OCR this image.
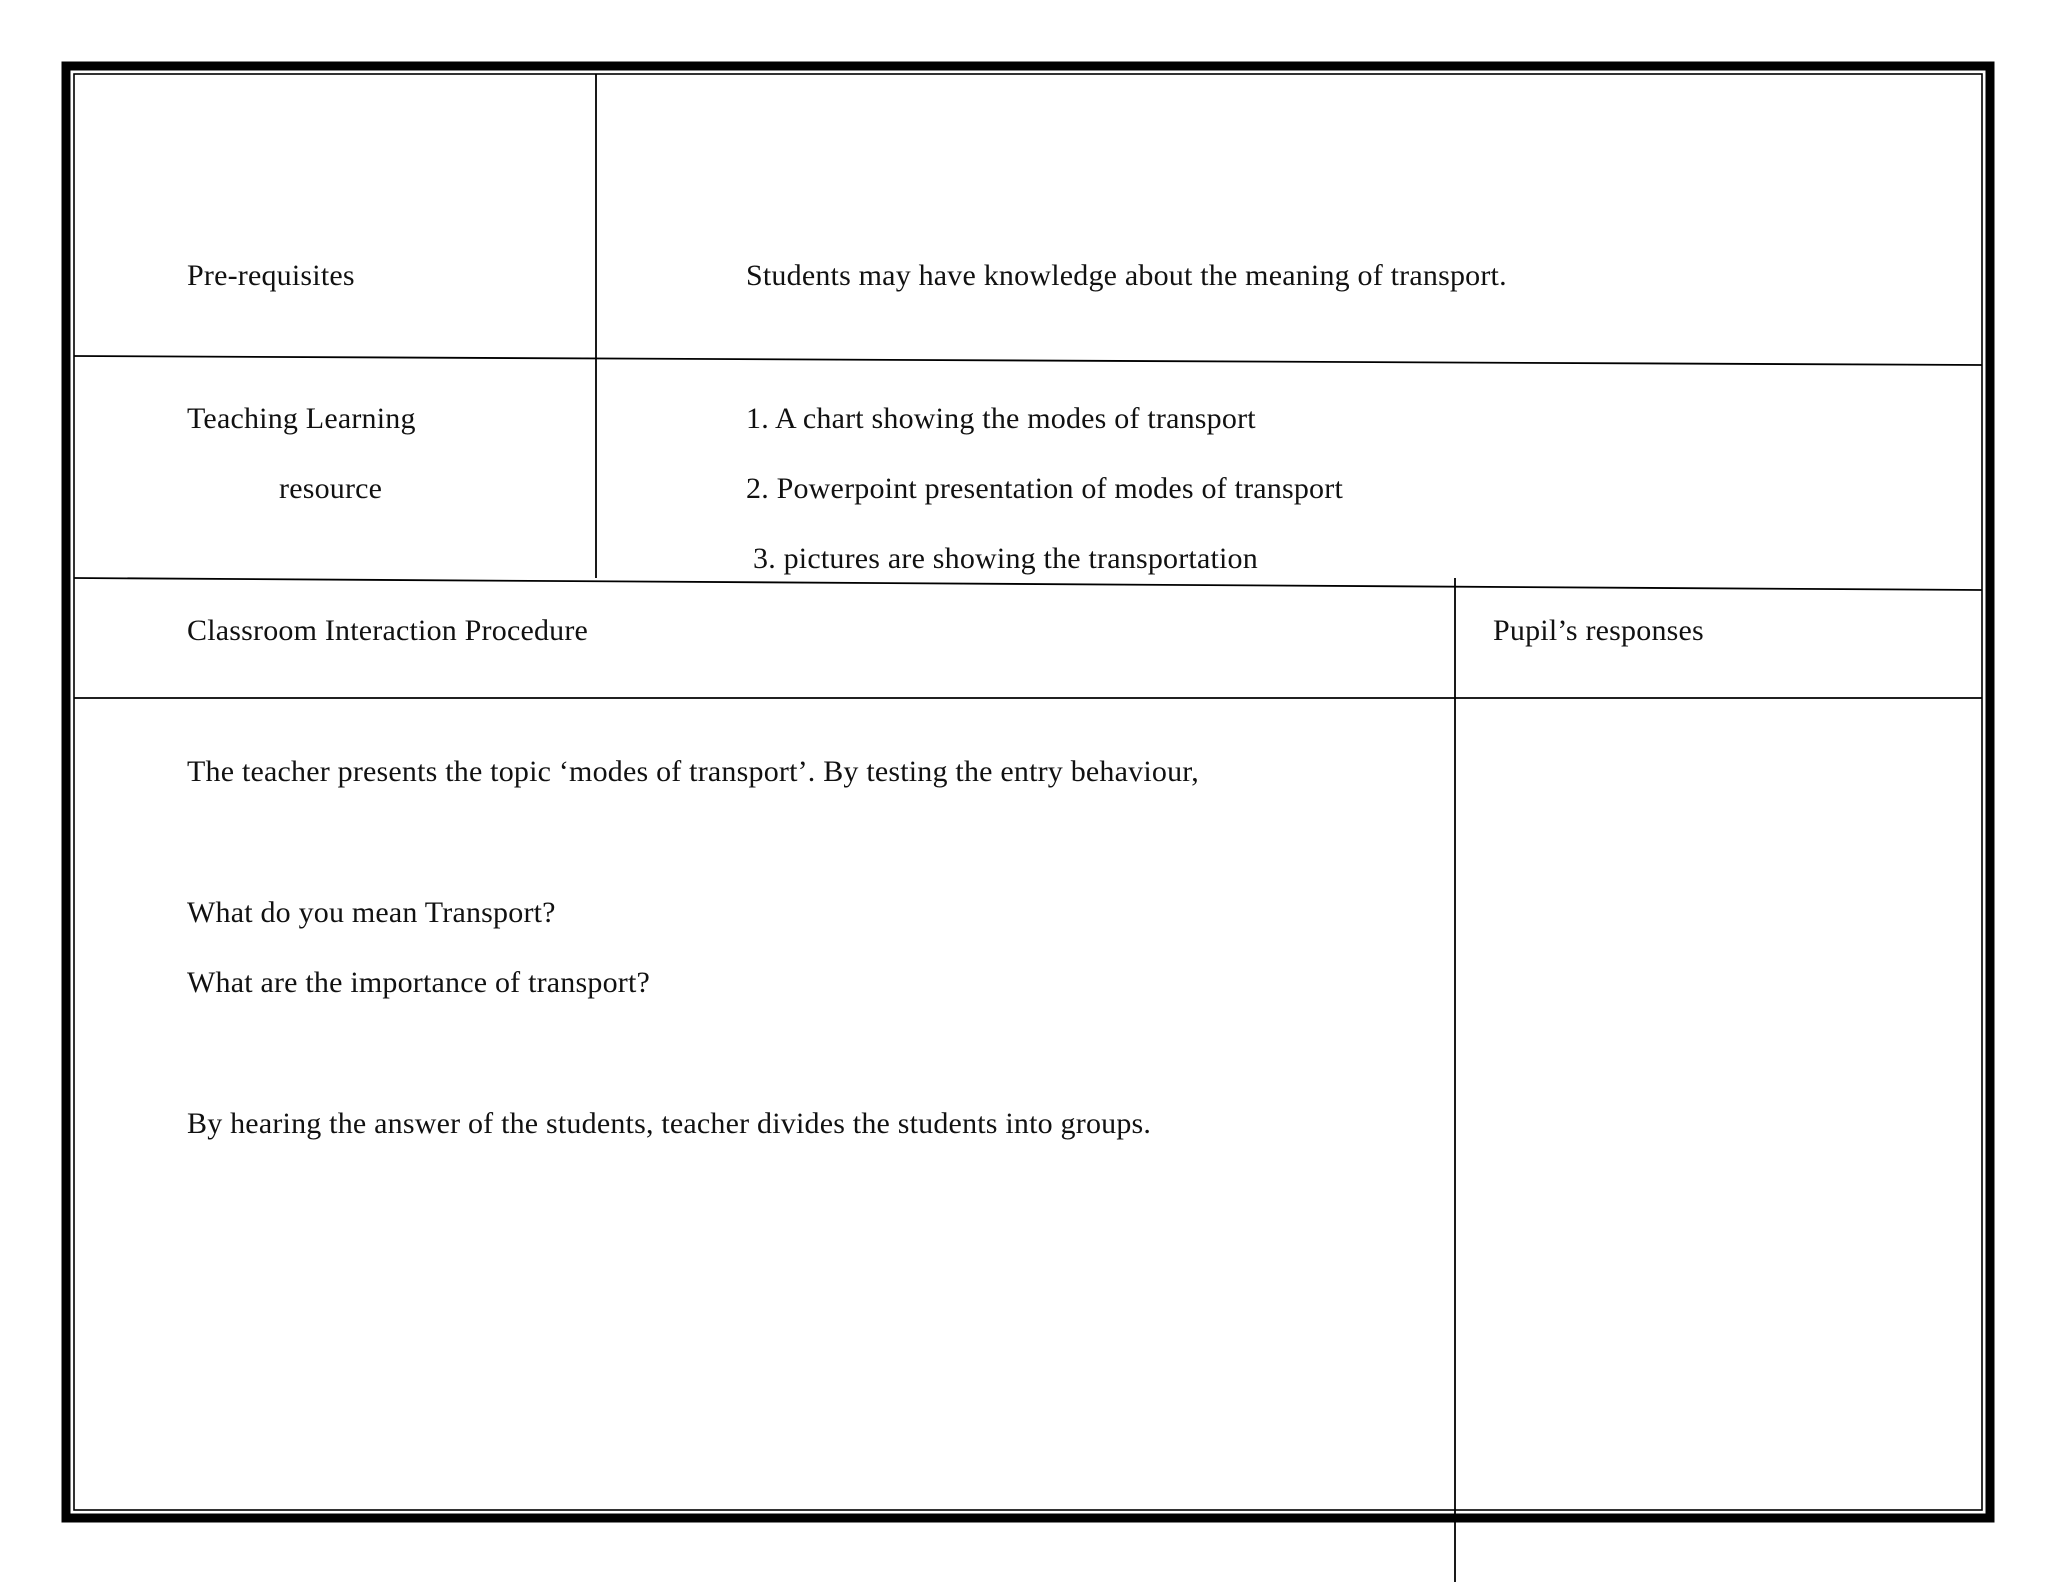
Pre-requisites	Students may have knowledge about the meaning of transport.
Teaching Learning
resource
1. A chart showing the modes of transport
2. Powerpoint presentation of modes of transport
3. pictures are showing the transportation
Classroom Interaction Procedure	Pupil’s responses
The teacher presents the topic ‘modes of transport’. By testing the entry behaviour,
What do you mean Transport?
What are the importance of transport?
By hearing the answer of the students, teacher divides the students into groups.
